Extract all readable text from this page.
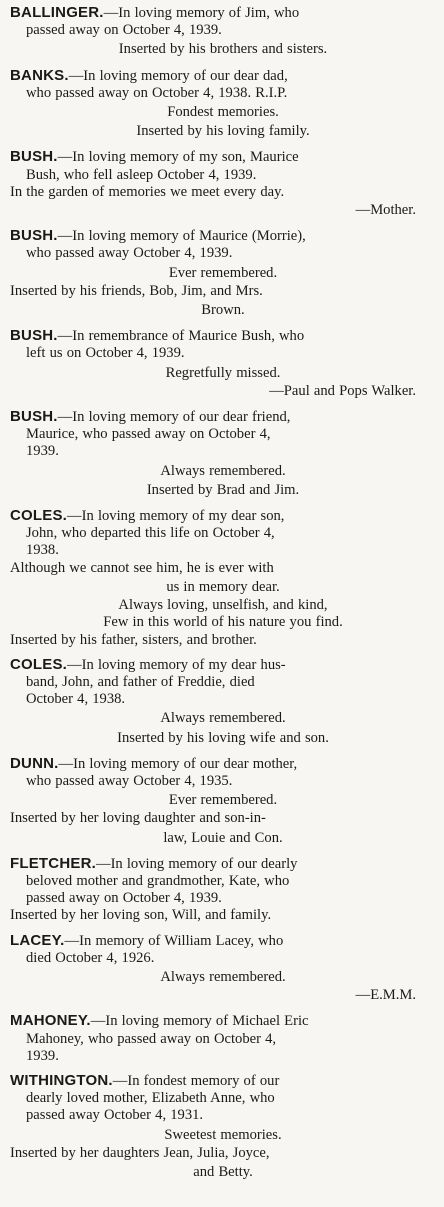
BALLINGER.—In loving memory of Jim, who

passed away on October 4, 1939.

Inserted by his brothers and sisters.

BANKS.—In loving memory of our dear dad,

who passed away on October 4, 1938. R.I.P.

Fondest memories.

Inserted by his loving family.

BUSH.—In loving memory of my son, Maurice

Bush, who fell asleep October 4, 1939.

In the garden of memories we meet every day.

—Mother.

BUSH.—In loving memory of Maurice (Morrie),

who passed away October 4, 1939.

Ever remembered.

Inserted by his friends, Bob, Jim, and Mrs.

Brown.

BUSH.—In remembrance of Maurice Bush, who

left us on October 4, 1939.

Regretfully missed.

—Paul and Pops Walker.

BUSH.—In loving memory of our dear friend,

Maurice, who passed away on October 4,

1939.

Always remembered.

Inserted by Brad and Jim.

COLES.—In loving memory of my dear son,

John, who departed this life on October 4,

1938.

Although we cannot see him, he is ever with

us in memory dear.

Always loving, unselfish, and kind,

Few in this world of his nature you find.

Inserted by his father, sisters, and brother.

COLES.—In loving memory of my dear hus-

band, John, and father of Freddie, died

October 4, 1938.

Always remembered.

Inserted by his loving wife and son.

DUNN.—In loving memory of our dear mother,

who passed away October 4, 1935.

Ever remembered.

Inserted by her loving daughter and son-in-

law, Louie and Con.

FLETCHER.—In loving memory of our dearly

beloved mother and grandmother, Kate, who

passed away on October 4, 1939.

Inserted by her loving son, Will, and family.

LACEY.—In memory of William Lacey, who

died October 4, 1926.

Always remembered.

—E.M.M.

MAHONEY.—In loving memory of Michael Eric

Mahoney, who passed away on October 4,

1939.

WITHINGTON.—In fondest memory of our

dearly loved mother, Elizabeth Anne, who

passed away October 4, 1931.

Sweetest memories.

Inserted by her daughters Jean, Julia, Joyce,

and Betty.
